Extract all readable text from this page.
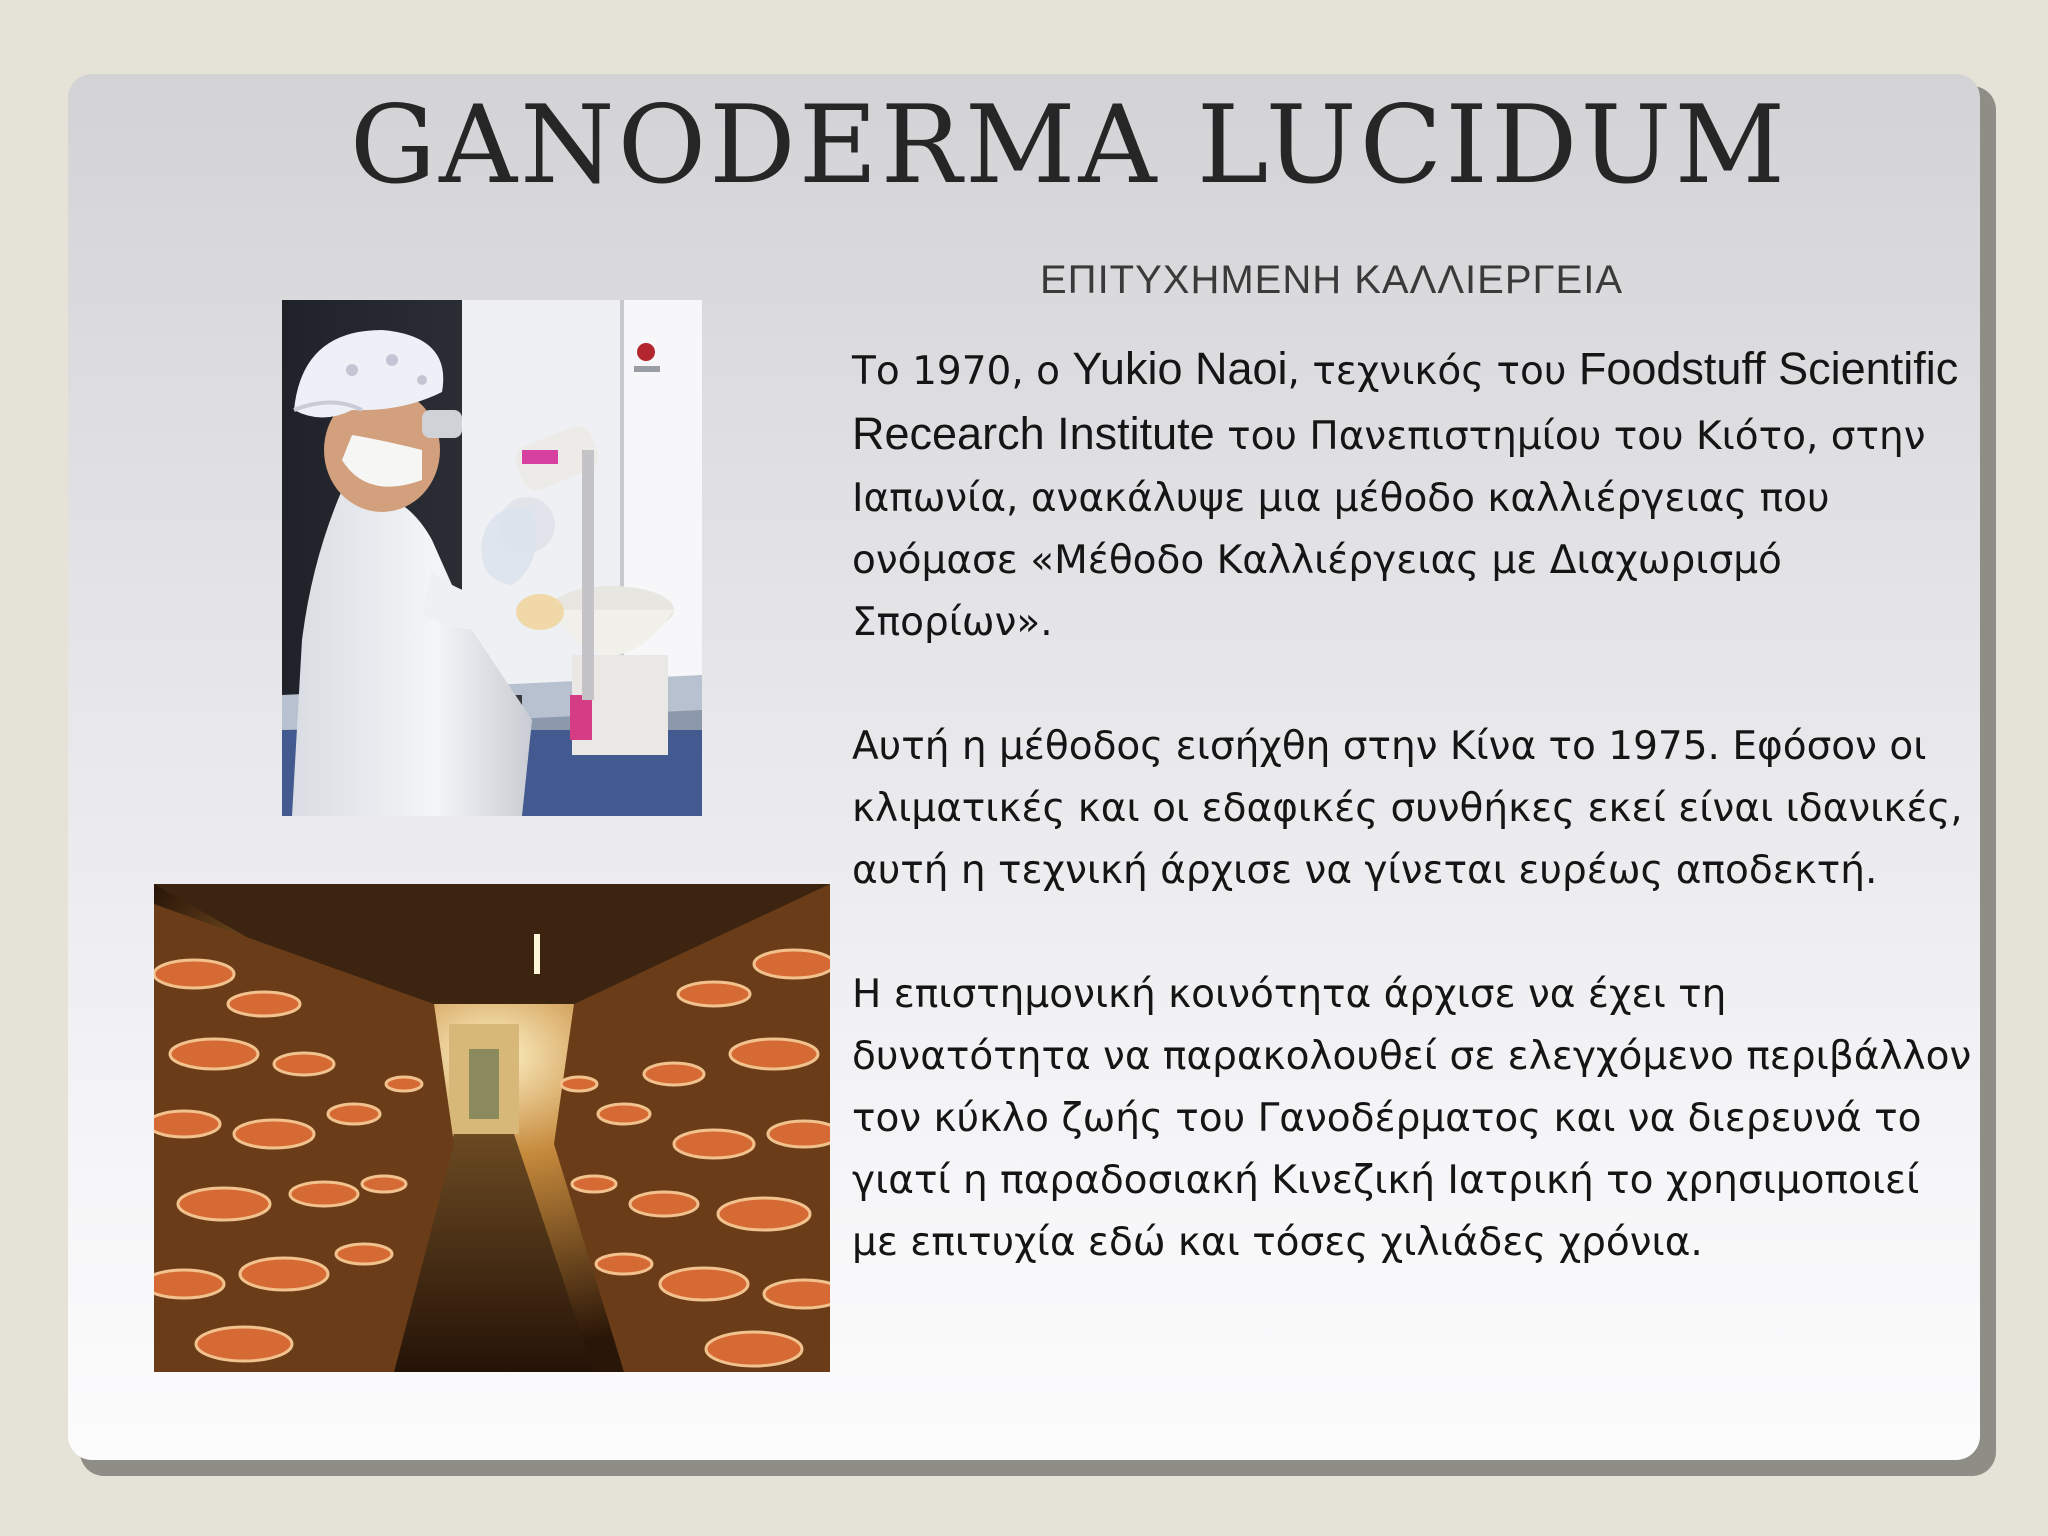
GANODERMA LUCIDUM
ΕΠΙΤΥΧΗΜΕΝΗ ΚΑΛΛΙΕΡΓΕΙΑ

Το 1970, ο Yukio Naoi, τεχνικός του Foodstuff Scientific Recearch Institute του Πανεπιστημίου του Κιότο, στην Ιαπωνία, ανακάλυψε μια μέθοδο καλλιέργειας που ονόμασε «Μέθοδο Καλλιέργειας με Διαχωρισμό Σπορίων».

Αυτή η μέθοδος εισήχθη στην Κίνα το 1975. Εφόσον οι κλιματικές και οι εδαφικές συνθήκες εκεί είναι ιδανικές, αυτή η τεχνική άρχισε να γίνεται ευρέως αποδεκτή.

Η επιστημονική κοινότητα άρχισε να έχει τη δυνατότητα να παρακολουθεί σε ελεγχόμενο περιβάλλον τον κύκλο ζωής του Γανοδέρματος και να διερευνά το γιατί η παραδοσιακή Κινεζική Ιατρική το χρησιμοποιεί με επιτυχία εδώ και τόσες χιλιάδες χρόνια.
